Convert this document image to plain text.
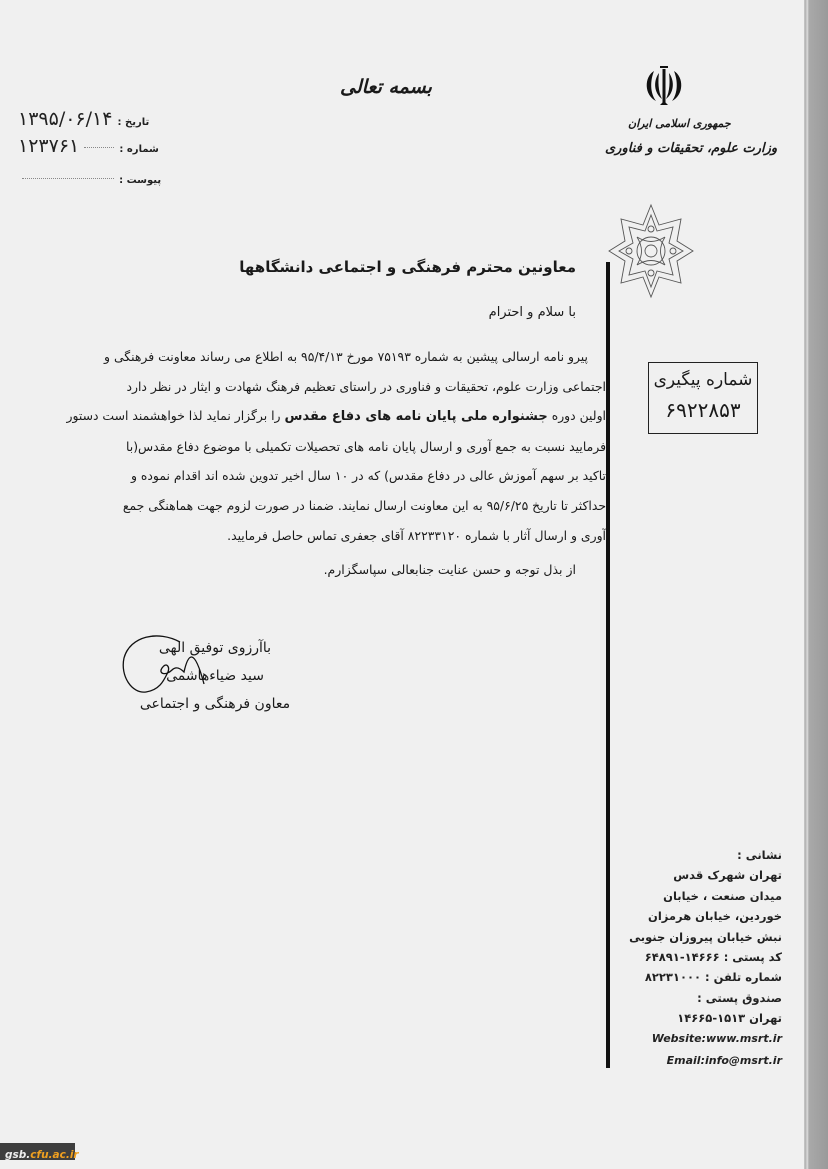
بسمه تعالی
تاریخ : ۱۳۹۵/۰۶/۱۴
شماره :  ۱۲۳۷۶۱
پیوست :
جمهوری اسلامی ایران
وزارت علوم، تحقیقات و فناوری
شماره پیگیری
۶۹۲۲۸۵۳
معاونین محترم فرهنگی و اجتماعی دانشگاهها
با سلام و احترام
پیرو نامه ارسالی پیشین به شماره ۷۵۱۹۳ مورخ ۹۵/۴/۱۳ به اطلاع می رساند معاونت فرهنگی و
اجتماعی وزارت علوم، تحقیقات و فناوری در راستای تعظیم فرهنگ شهادت و ایثار در نظر دارد
اولین دوره جشنواره ملی پایان نامه های دفاع مقدس را برگزار نماید لذا خواهشمند است دستور
فرمایید نسبت به جمع آوری و ارسال پایان نامه های تحصیلات تکمیلی با موضوع دفاع مقدس(با
تاکید بر سهم آموزش عالی در دفاع مقدس) که در ۱۰ سال اخیر تدوین شده اند اقدام نموده و
حداکثر تا تاریخ ۹۵/۶/۲۵ به این معاونت ارسال نمایند. ضمنا در صورت لزوم جهت هماهنگی جمع
آوری و ارسال آثار با شماره ۸۲۲۳۳۱۲۰ آقای جعفری تماس حاصل فرمایید.
از بذل توجه و حسن عنایت جنابعالی سپاسگزارم.
باآرزوی توفیق الهی
سید ضیاءهاشمی
معاون فرهنگی و اجتماعی
نشانی :
تهران شهرک قدس
میدان صنعت ، خیابان
خوردین، خیابان هرمزان
نبش خیابان پیروزان جنوبی
کد پستی : ۱۴۶۶۶-۶۴۸۹۱
شماره تلفن : ۸۲۲۳۱۰۰۰
صندوق پستی :
تهران ۱۵۱۳-۱۴۶۶۵
Website:www.msrt.ir
Email:info@msrt.ir
gsb.cfu.ac.ir
